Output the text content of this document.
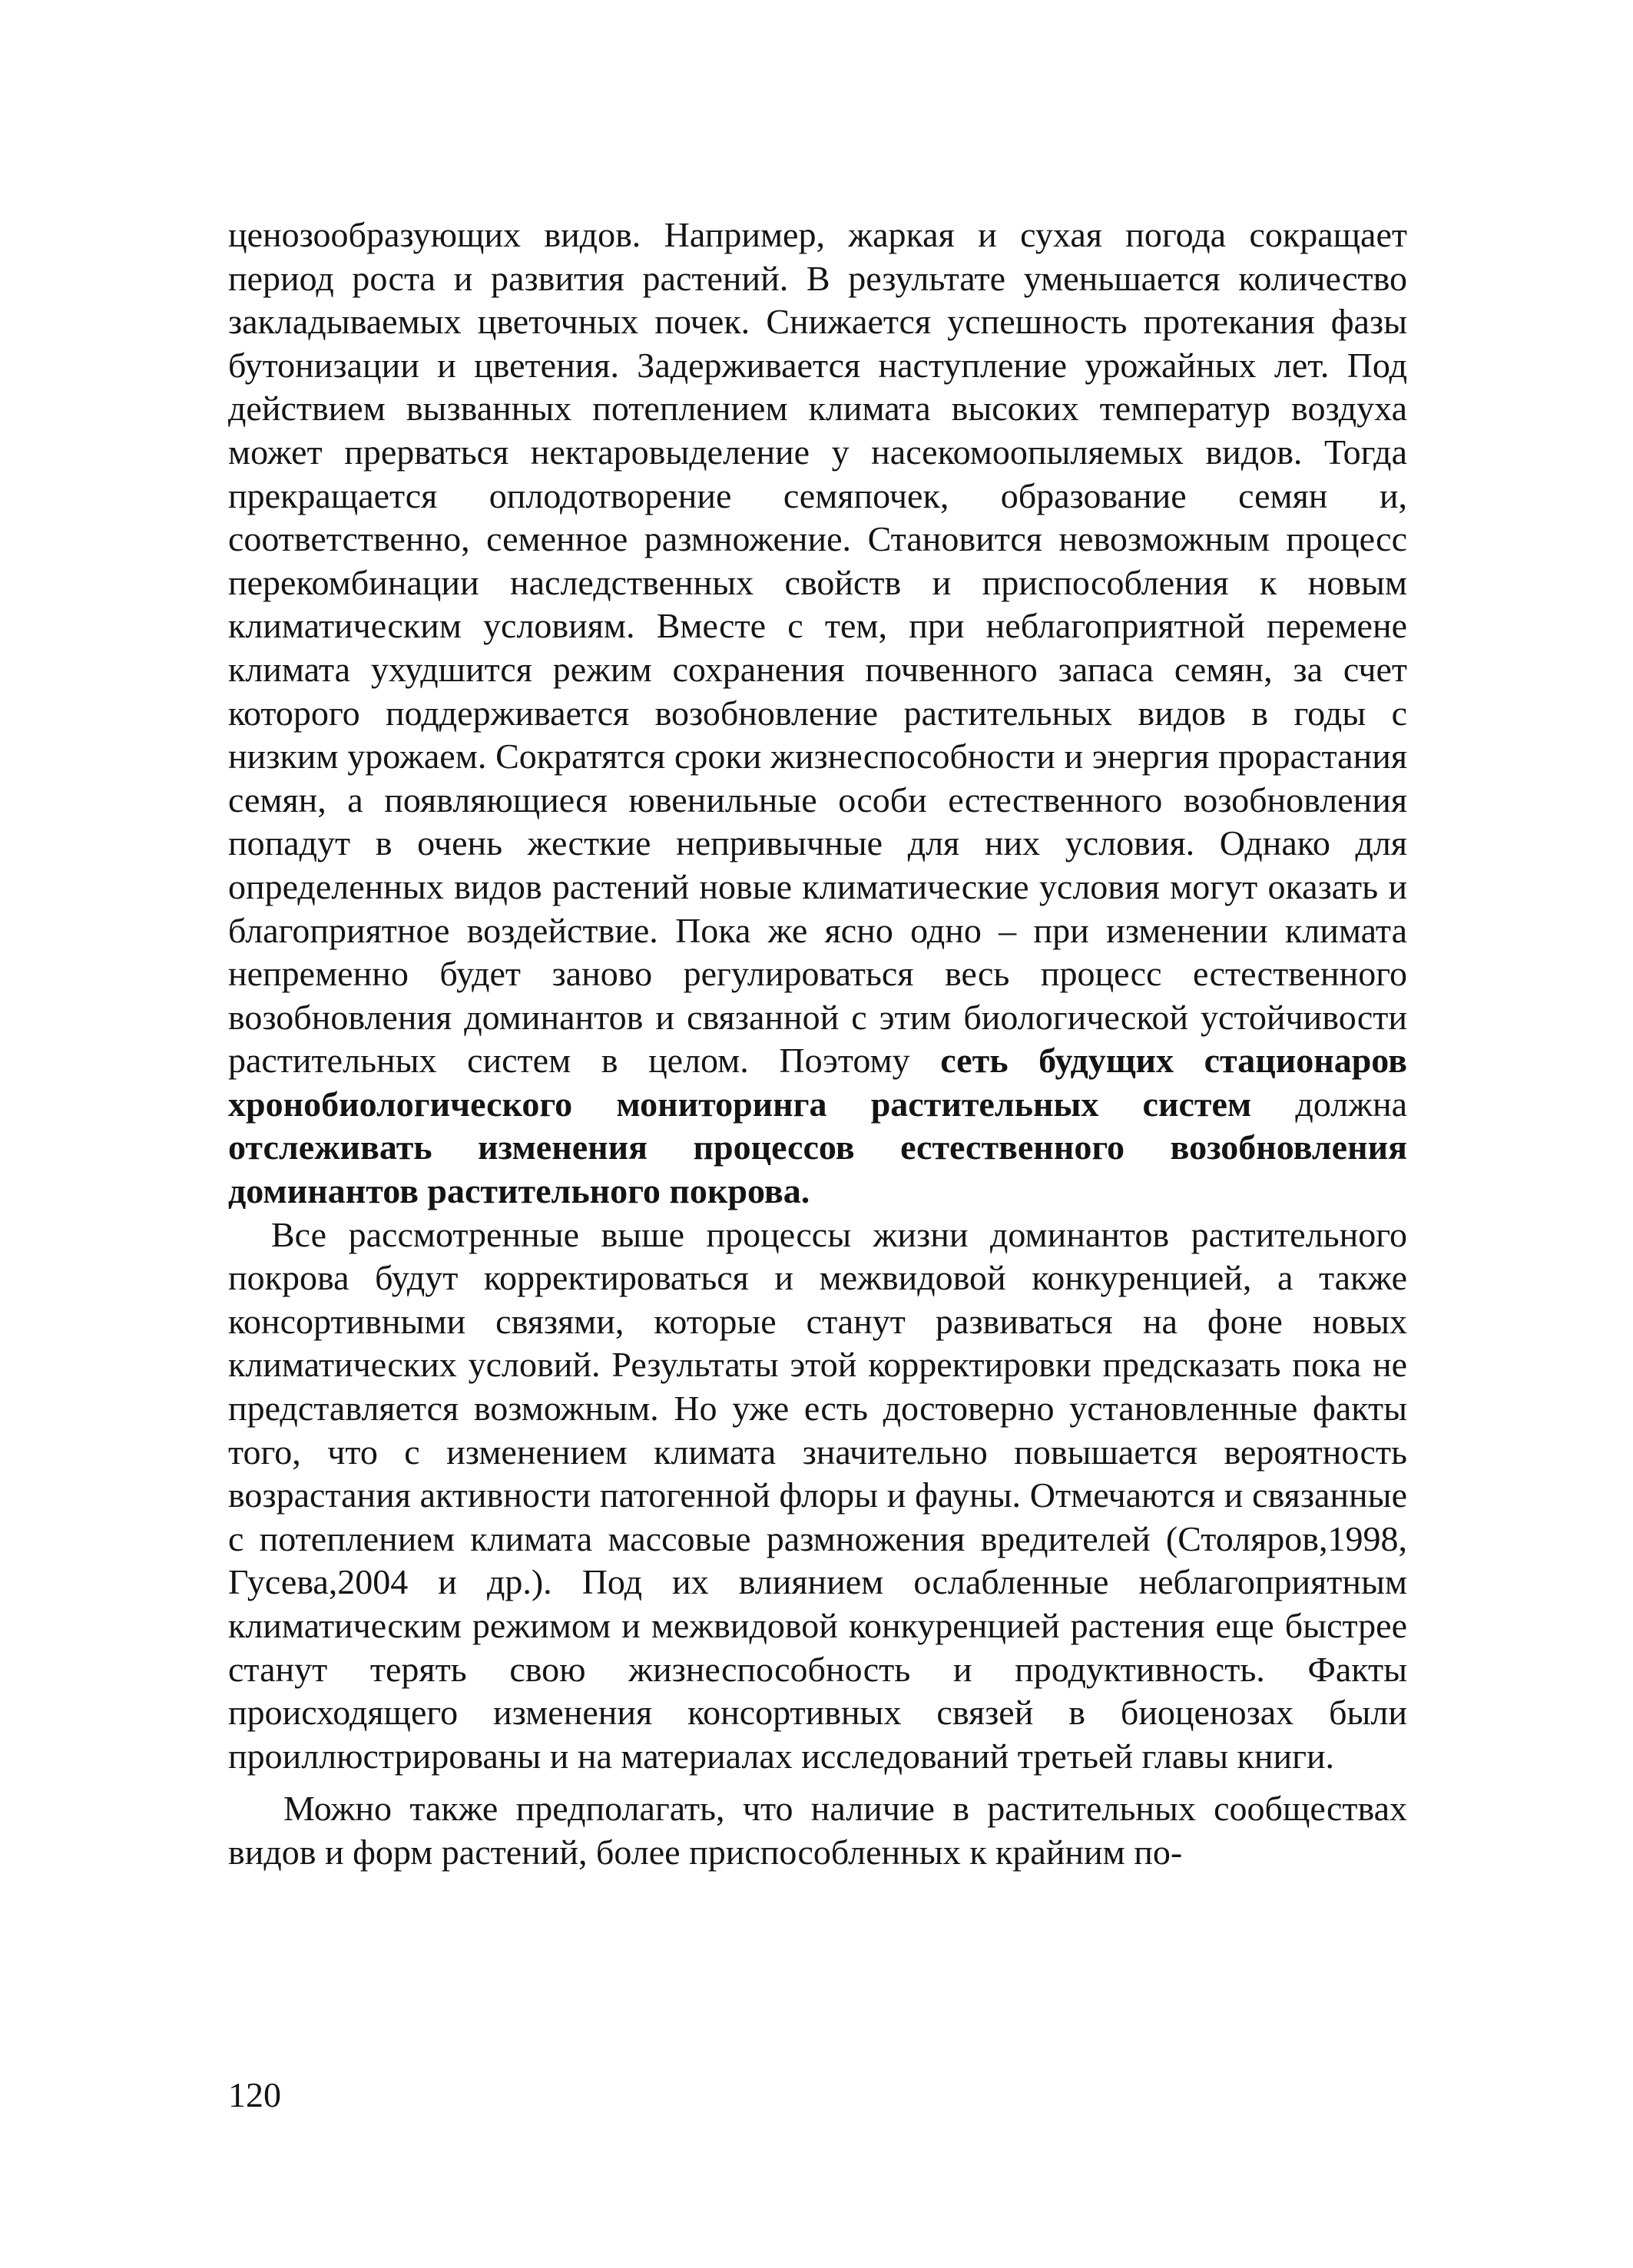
ценозообразующих видов. Например, жаркая и сухая погода сокращает период роста и развития растений. В результате уменьшается количество закладываемых цветочных почек. Снижается успешность протекания фазы бутонизации и цветения. Задерживается наступление урожайных лет. Под действием вызванных потеплением климата высоких температур воздуха может прерваться нектаровыделение у насекомоопыляемых видов. Тогда прекращается оплодотворение семяпочек, образование семян и, соответственно, семенное размножение. Становится невозможным процесс перекомбинации наследственных свойств и приспособления к новым климатическим условиям. Вместе с тем, при неблагоприятной перемене климата ухудшится режим сохранения почвенного запаса семян, за счет которого поддерживается возобновление растительных видов в годы с низким урожаем. Сократятся сроки жизнеспособности и энергия прорастания семян, а появляющиеся ювенильные особи естественного возобновления попадут в очень жесткие непривычные для них условия. Однако для определенных видов растений новые климатические условия могут оказать и благоприятное воздействие. Пока же ясно одно – при изменении климата непременно будет заново регулироваться весь процесс естественного возобновления доминантов и связанной с этим биологической устойчивости растительных систем в целом. Поэтому сеть будущих стационаров хронобиологического мониторинга растительных систем должна отслеживать изменения процессов естественного возобновления доминантов растительного покрова.

Все рассмотренные выше процессы жизни доминантов растительного покрова будут корректироваться и межвидовой конкуренцией, а также консортивными связями, которые станут развиваться на фоне новых климатических условий. Результаты этой корректировки предсказать пока не представляется возможным. Но уже есть достоверно установленные факты того, что с изменением климата значительно повышается вероятность возрастания активности патогенной флоры и фауны. Отмечаются и связанные с потеплением климата массовые размножения вредителей (Столяров,1998, Гусева,2004 и др.). Под их влиянием ослабленные неблагоприятным климатическим режимом и межвидовой конкуренцией растения еще быстрее станут терять свою жизнеспособность и продуктивность. Факты происходящего изменения консортивных связей в биоценозах были проиллюстрированы и на материалах исследований третьей главы книги.

Можно также предполагать, что наличие в растительных сообществах видов и форм растений, более приспособленных к крайним по-

120
